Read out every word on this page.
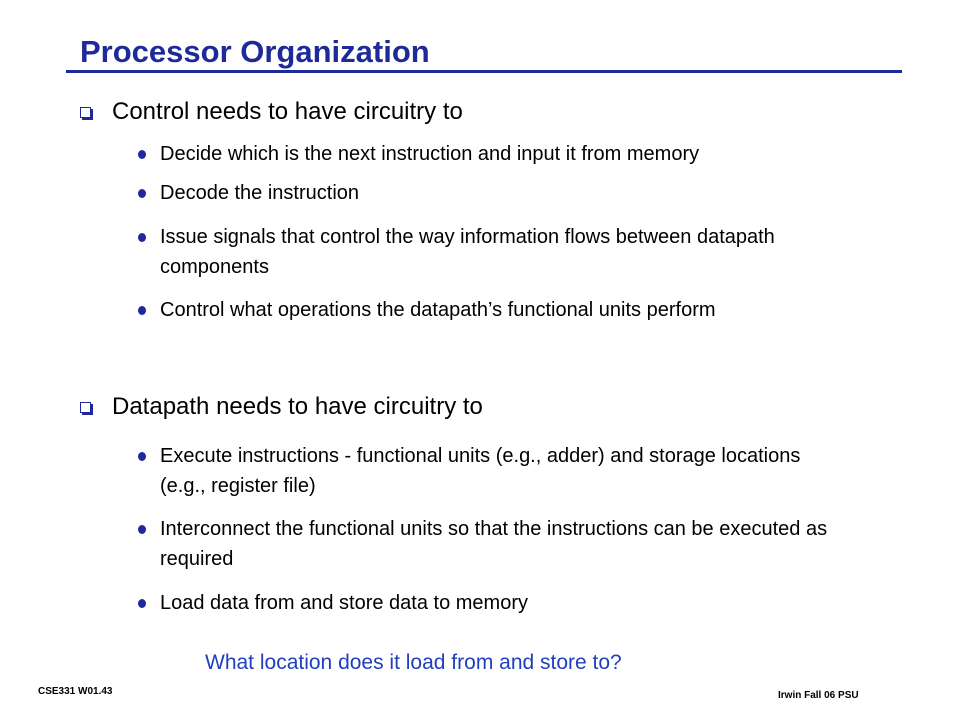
Processor Organization
Control needs to have circuitry to
Decide which is the next instruction and input it from memory
Decode the instruction
Issue signals that control the way information flows between datapath components
Control what operations the datapath’s functional units perform
Datapath needs to have circuitry to
Execute instructions - functional units (e.g., adder) and storage locations (e.g., register file)
Interconnect the functional units so that the instructions can be executed as required
Load data from and store data to memory
What location does it load from and store to?
CSE331 W01.43	Irwin Fall 06 PSU
